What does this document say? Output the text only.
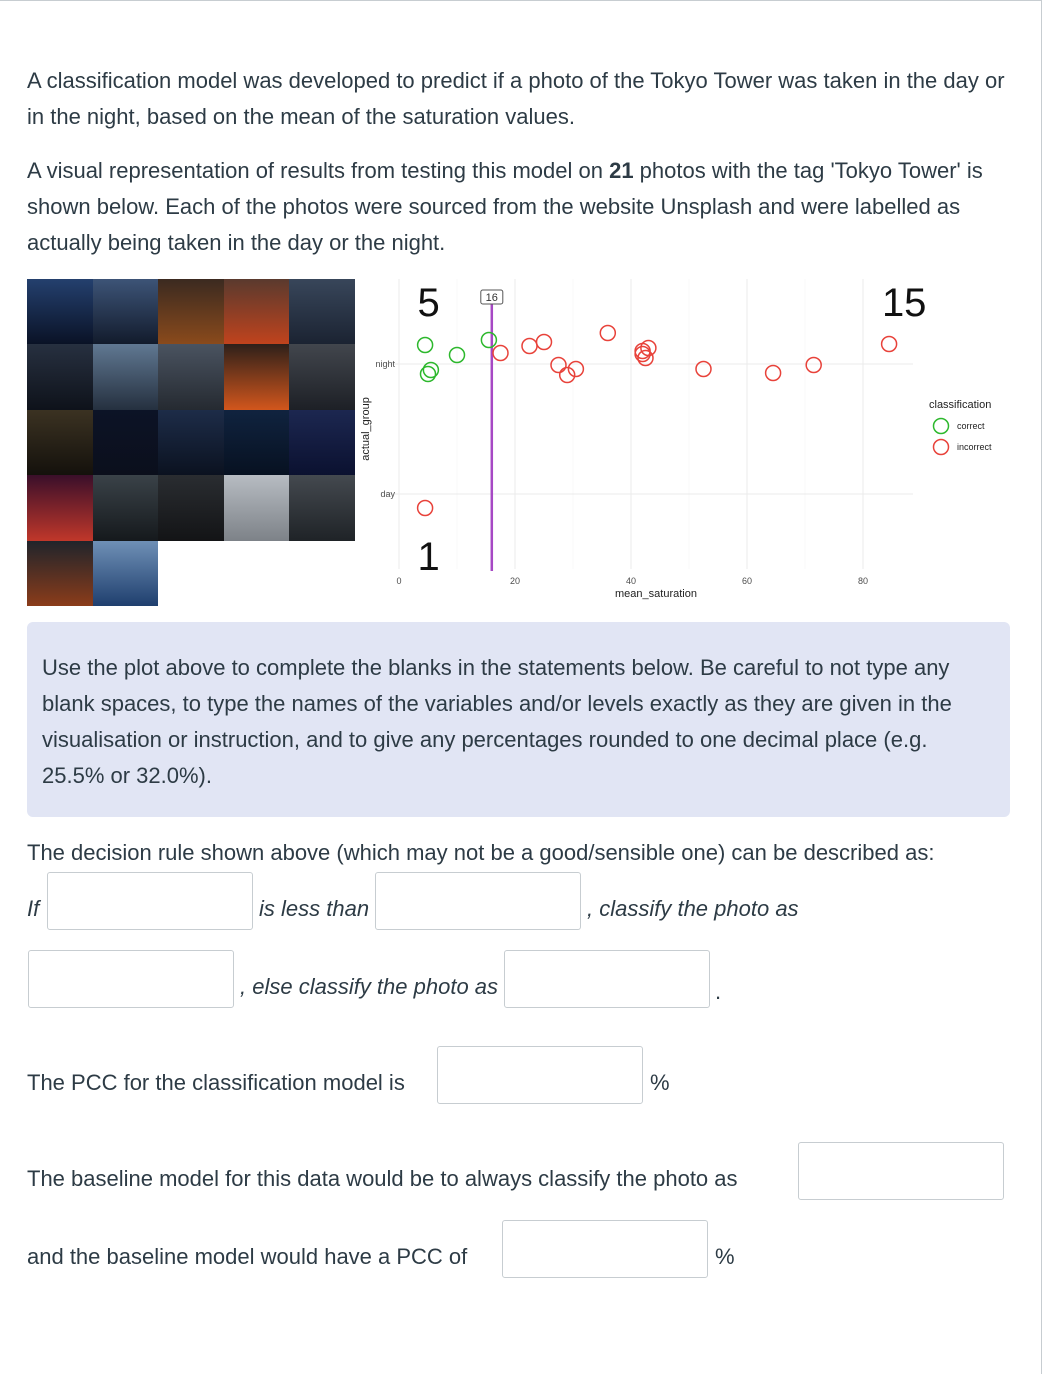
A classification model was developed to predict if a photo of the Tokyo Tower was taken in the day or in the night, based on the mean of the saturation values.

A visual representation of results from testing this model on 21 photos with the tag 'Tokyo Tower' is shown below. Each of the photos were sourced from the website Unsplash and were labelled as actually being taken in the day or the night.

16
0	20	40	60	80
day
night
mean_saturation
actual_group
5	15
1
classification
correct
incorrect
Use the plot above to complete the blanks in the statements below. Be careful to not type any blank spaces, to type the names of the variables and/or levels exactly as they are given in the visualisation or instruction, and to give any percentages rounded to one decimal place (e.g. 25.5% or 32.0%).
The decision rule shown above (which may not be a good/sensible one) can be described as:
If	is less than	, classify the photo as
, else classify the photo as	.
The PCC for the classification model is	%
The baseline model for this data would be to always classify the photo as
and the baseline model would have a PCC of	%
